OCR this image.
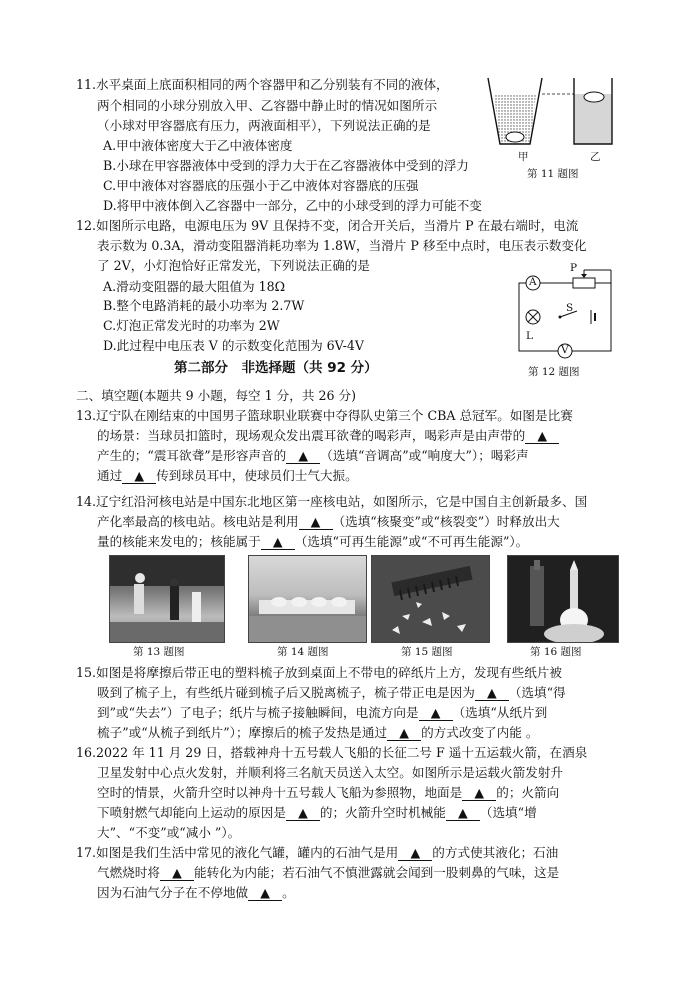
11.水平桌面上底面积相同的两个容器甲和乙分别装有不同的液体，
两个相同的小球分别放入甲、乙容器中静止时的情况如图所示
（小球对甲容器底有压力，两液面相平），下列说法正确的是
A.甲中液体密度大于乙中液体密度
B.小球在甲容器液体中受到的浮力大于在乙容器液体中受到的浮力
C.甲中液体对容器底的压强小于乙中液体对容器底的压强
D.将甲中液体倒入乙容器中一部分，乙中的小球受到的浮力可能不变
甲	乙
第 11 题图
12.如图所示电路，电源电压为 9V 且保持不变，闭合开关后，当滑片 P 在最右端时，电流
表示数为 0.3A，滑动变阻器消耗功率为 1.8W，当滑片 P 移至中点时，电压表示数变化
了 2V，小灯泡恰好正常发光，下列说法正确的是
A.滑动变阻器的最大阻值为 18Ω
B.整个电路消耗的最小功率为 2.7W
C.灯泡正常发光时的功率为 2W
D.此过程中电压表 V 的示数变化范围为 6V-4V
P
A
S
L
V
第 12 题图
第二部分　非选择题（共 92 分）
二、填空题(本题共 9 小题，每空 1 分，共 26 分)
13.辽宁队在刚结束的中国男子篮球职业联赛中夺得队史第三个 CBA 总冠军。如图是比赛
的场景：当球员扣篮时，现场观众发出震耳欲聋的喝彩声，喝彩声是由声带的 ▲
产生的；“震耳欲聋”是形容声音的 ▲ （选填“音调高”或“响度大”）；喝彩声
通过 ▲ 传到球员耳中，使球员们士气大振。
14.辽宁红沿河核电站是中国东北地区第一座核电站，如图所示，它是中国自主创新最多、国
产化率最高的核电站。核电站是利用 ▲ （选填“核聚变”或“核裂变”）时释放出大
量的核能来发电的；核能属于 ▲ （选填“可再生能源”或“不可再生能源”）。
第 13 题图	第 14 题图	第 15 题图	第 16 题图
15.如图是将摩擦后带正电的塑料梳子放到桌面上不带电的碎纸片上方，发现有些纸片被
吸到了梳子上，有些纸片碰到梳子后又脱离梳子，梳子带正电是因为 ▲ （选填“得
到”或“失去”）了电子；纸片与梳子接触瞬间，电流方向是 ▲ （选填“从纸片到
梳子”或“从梳子到纸片”）；摩擦后的梳子发热是通过 ▲ 的方式改变了内能 。
16.2022 年 11 月 29 日，搭载神舟十五号载人飞船的长征二号 F 遥十五运载火箭，在酒泉
卫星发射中心点火发射，并顺利将三名航天员送入太空。如图所示是运载火箭发射升
空时的情景，火箭升空时以神舟十五号载人飞船为参照物，地面是 ▲ 的；火箭向
下喷射燃气却能向上运动的原因是 ▲ 的；火箭升空时机械能 ▲ （选填“增
大”、“不变”或“减小 ”）。
17.如图是我们生活中常见的液化气罐，罐内的石油气是用 ▲ 的方式使其液化；石油
气燃烧时将 ▲ 能转化为内能；若石油气不慎泄露就会闻到一股刺鼻的气味，这是
因为石油气分子在不停地做 ▲ 。
